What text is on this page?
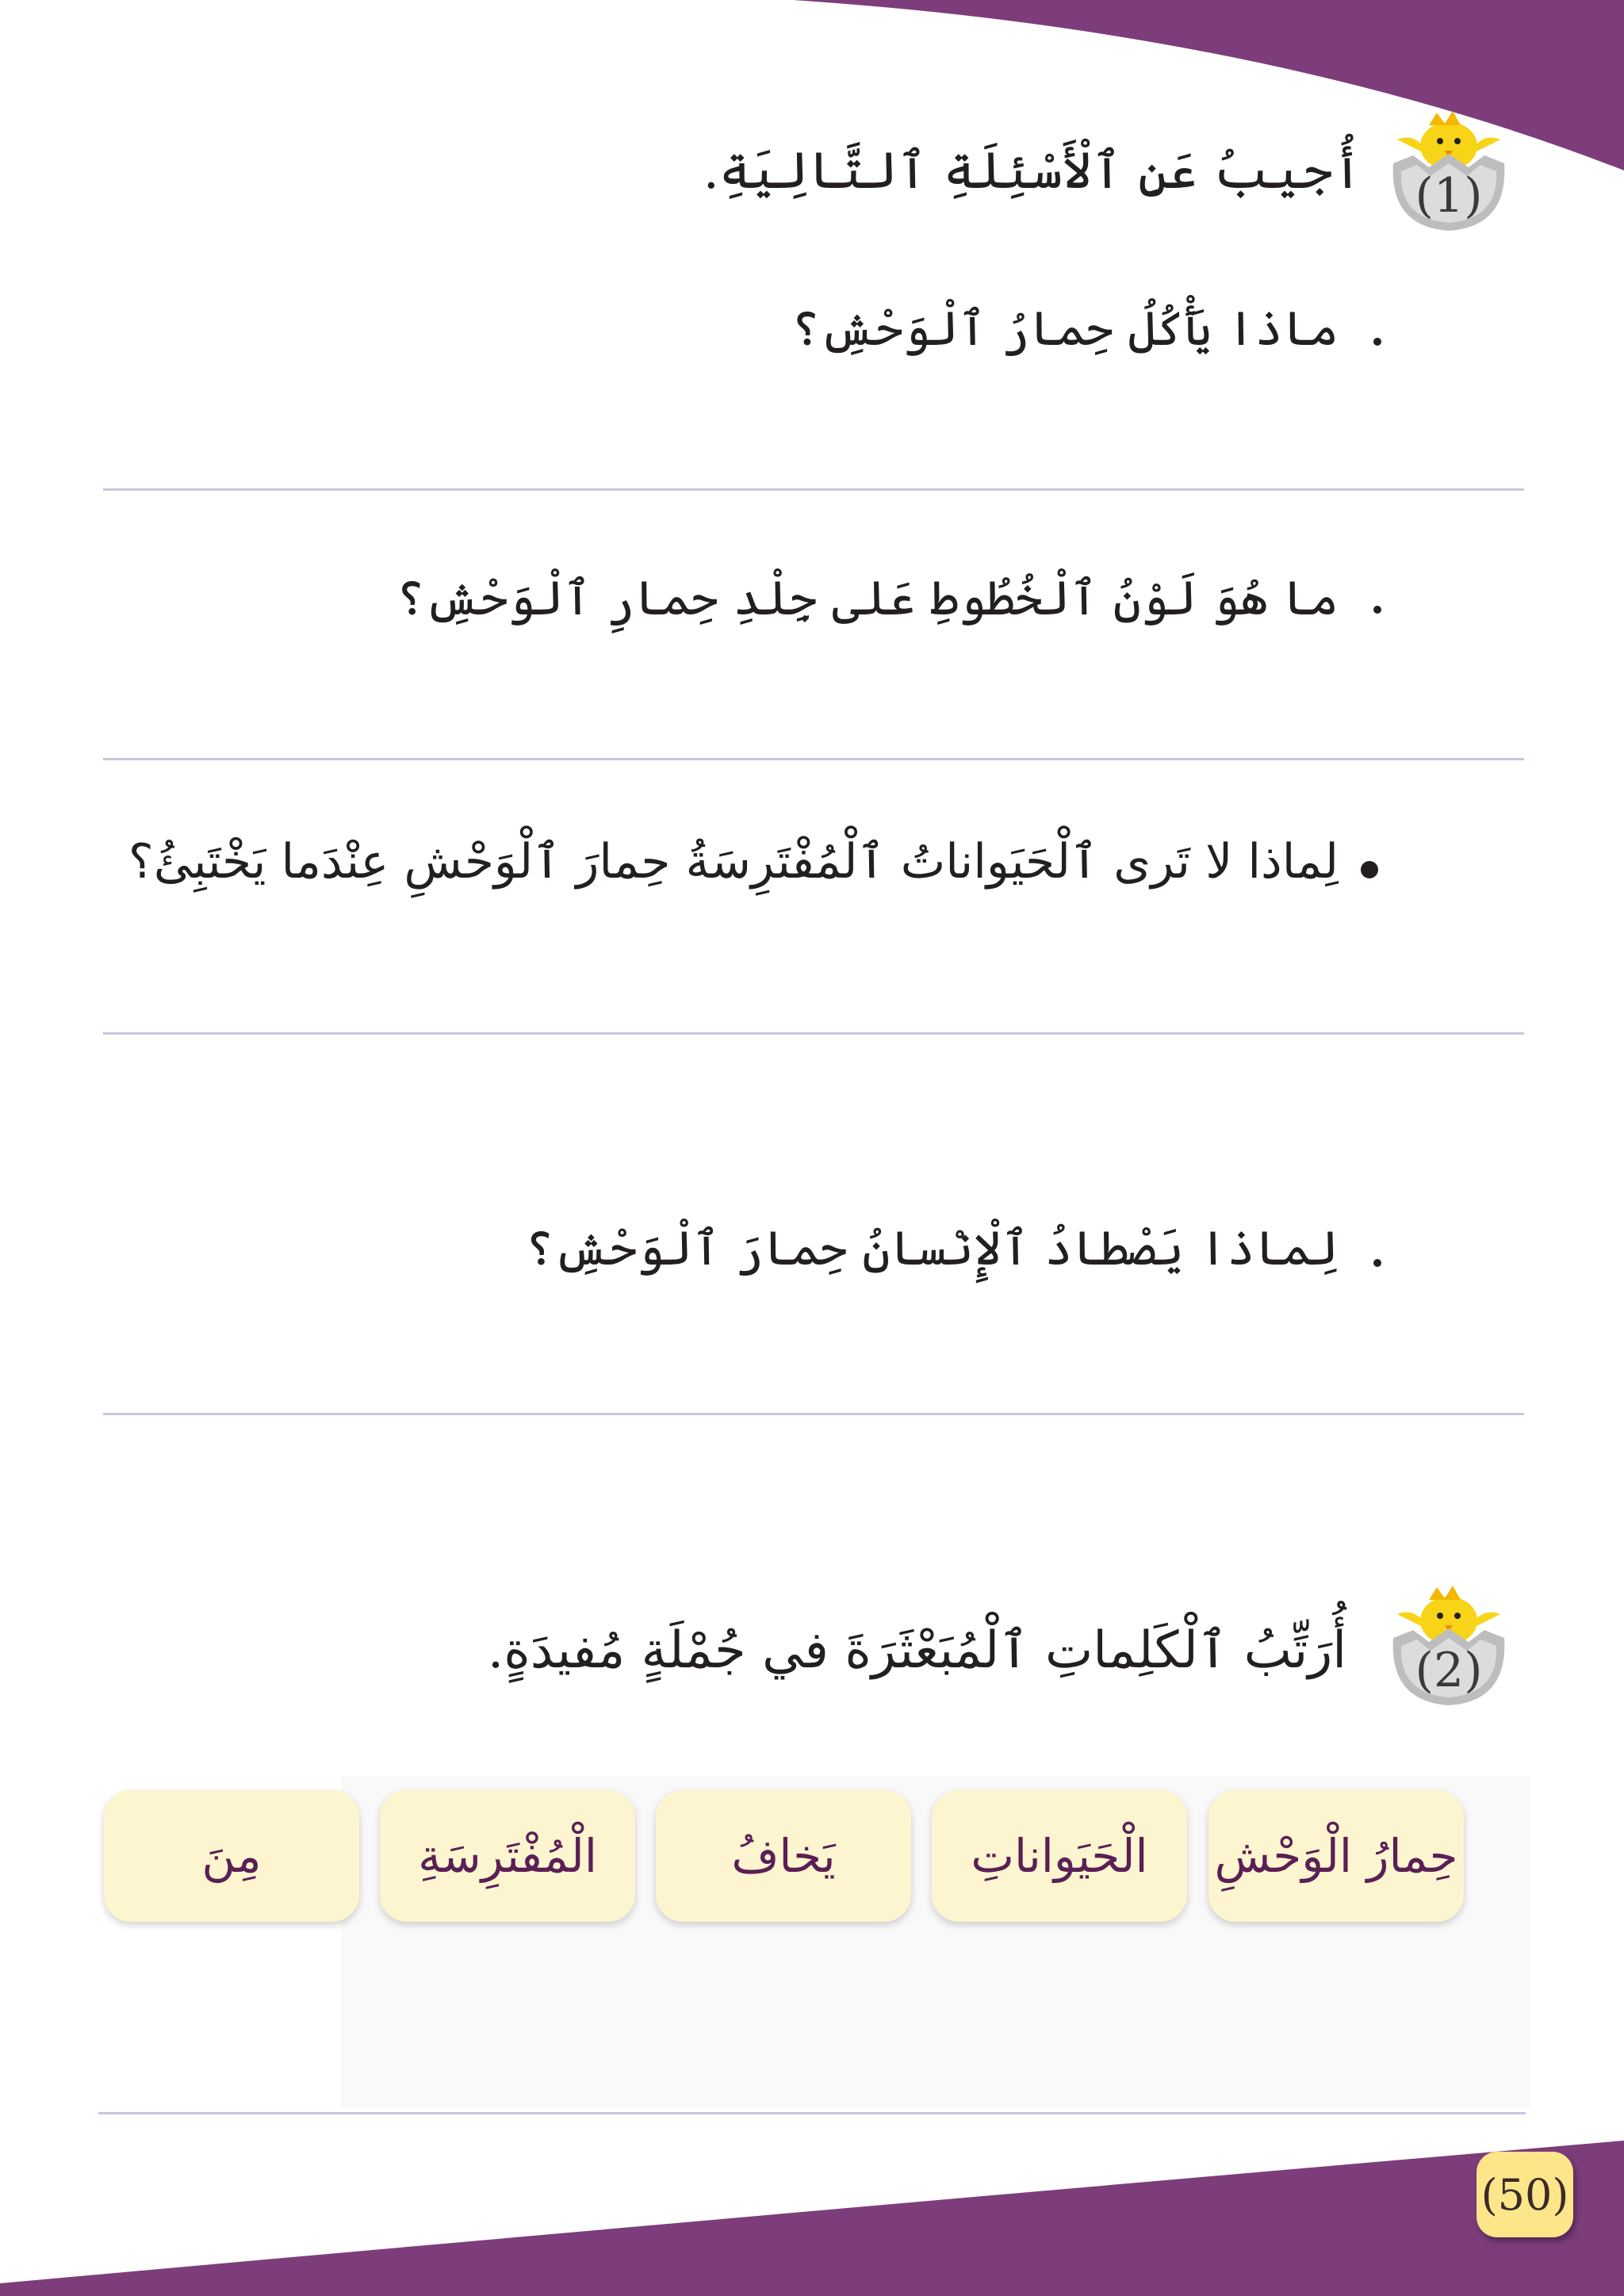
(1)
أُجيبُ عَنِ ٱلْأَسْئِلَةِ ٱلتَّالِيَةِ.
ماذا يَأْكُلُ حِمارُ ٱلْوَحْشِ؟
ما هُوَ لَوْنُ ٱلْخُطُوطِ عَلى جِلْدِ حِمارِ ٱلْوَحْشِ؟
لِماذا لا تَرى ٱلْحَيَواناتُ ٱلْمُفْتَرِسَةُ حِمارَ ٱلْوَحْشِ عِنْدَما يَخْتَبِئُ؟
لِماذا يَصْطادُ ٱلْإِنْسانُ حِمارَ ٱلْوَحْشِ؟
(2)
أُرَتِّبُ ٱلْكَلِماتِ ٱلْمُبَعْثَرَةَ في جُمْلَةٍ مُفيدَةٍ.
حِمارُ الْوَحْشِ
الْحَيَواناتِ
يَخافُ
الْمُفْتَرِسَةِ
مِنَ
(50)
